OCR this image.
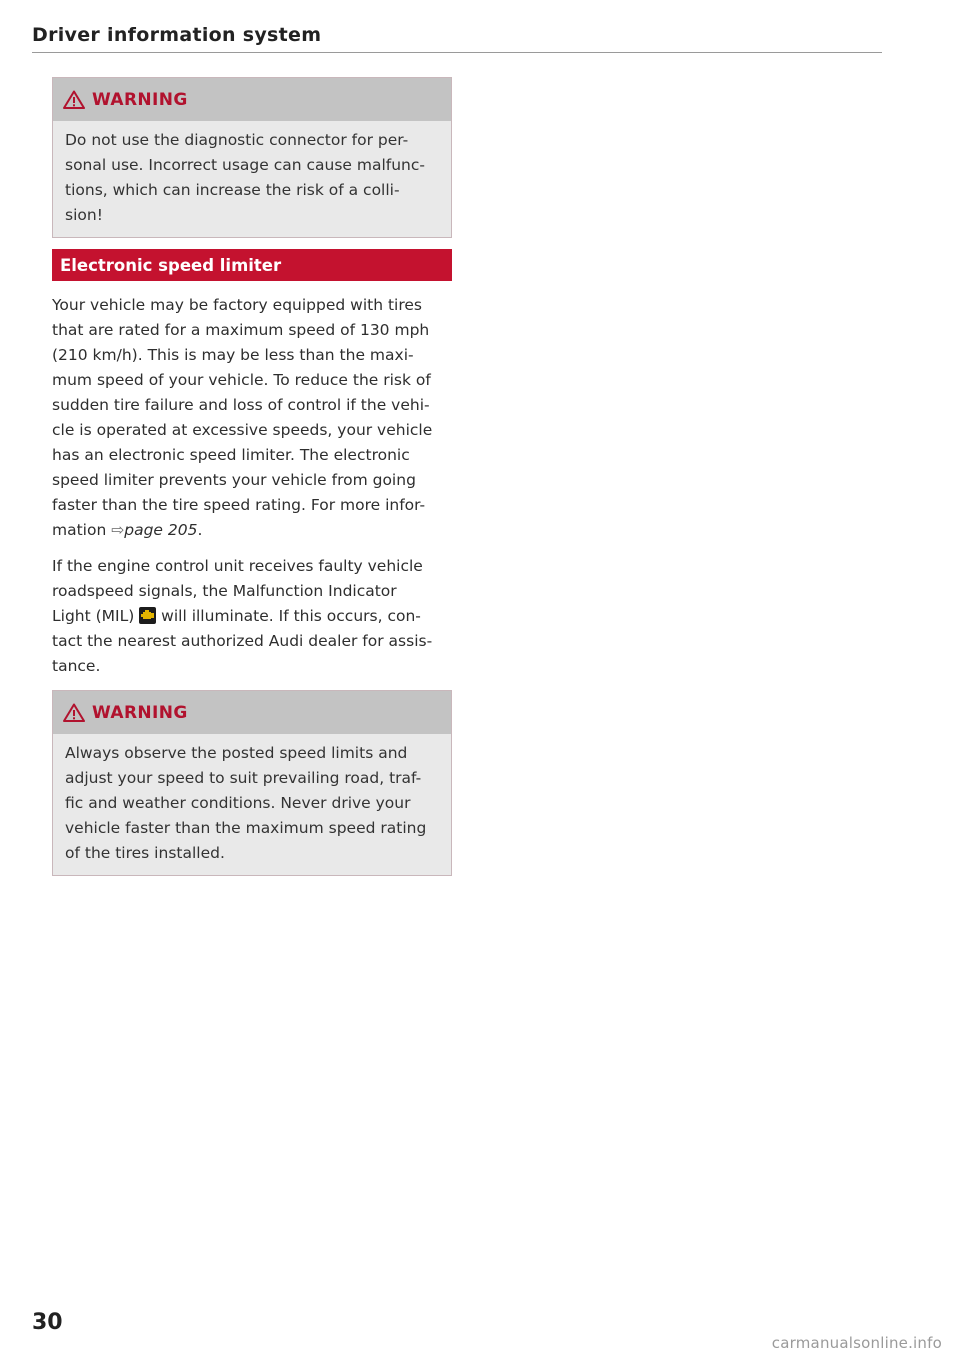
Driver information system
WARNING
Do not use the diagnostic connector for per-
sonal use. Incorrect usage can cause malfunc-
tions, which can increase the risk of a colli-
sion!
Electronic speed limiter
Your vehicle may be factory equipped with tires
that are rated for a maximum speed of 130 mph
(210 km/h). This is may be less than the maxi-
mum speed of your vehicle. To reduce the risk of
sudden tire failure and loss of control if the vehi-
cle is operated at excessive speeds, your vehicle
has an electronic speed limiter. The electronic
speed limiter prevents your vehicle from going
faster than the tire speed rating. For more infor-
mation ⇨page 205.
If the engine control unit receives faulty vehicle
roadspeed signals, the Malfunction Indicator
Light (MIL) will illuminate. If this occurs, con-
tact the nearest authorized Audi dealer for assis-
tance.
WARNING
Always observe the posted speed limits and
adjust your speed to suit prevailing road, traf-
fic and weather conditions. Never drive your
vehicle faster than the maximum speed rating
of the tires installed.
30
carmanualsonline.info
